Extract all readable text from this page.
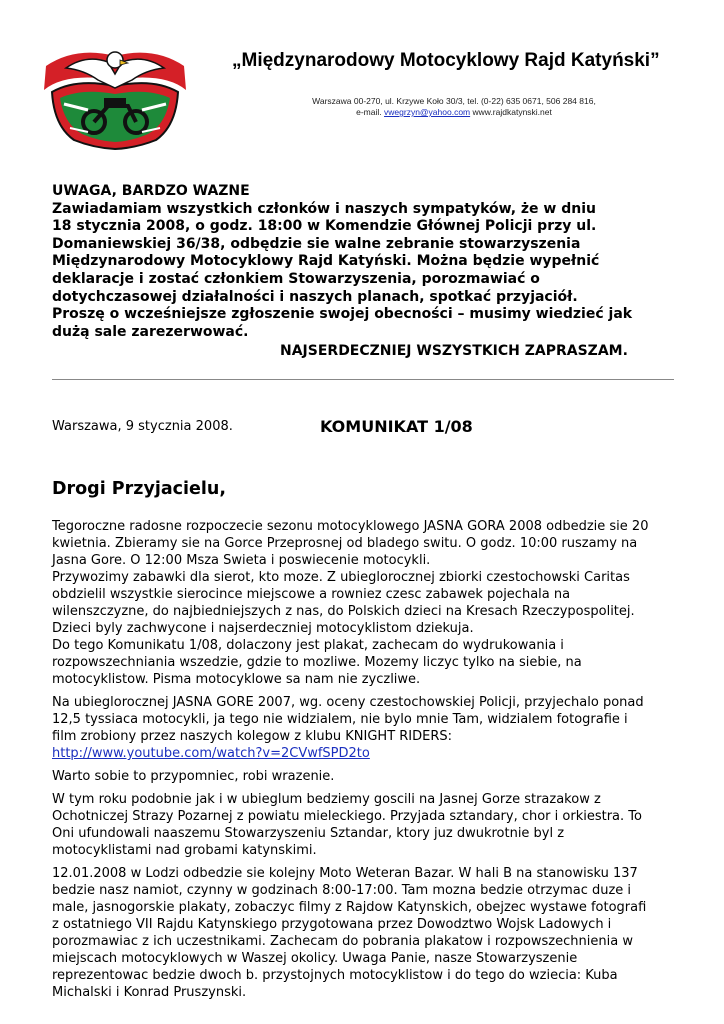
„Międzynarodowy Motocyklowy Rajd Katyński”
Warszawa 00-270, ul. Krzywe Koło 30/3, tel. (0-22) 635 0671, 506 284 816,
e-mail. vwegrzyn@yahoo.com www.rajdkatynski.net

UWAGA, BARDZO WAZNE

Zawiadamiam wszystkich członków i naszych sympatyków, że w dniu

18 stycznia 2008, o godz. 18:00 w Komendzie Głównej Policji przy ul.

Domaniewskiej 36/38, odbędzie sie walne zebranie stowarzyszenia

Międzynarodowy Motocyklowy Rajd Katyński. Można będzie wypełnić

deklaracje i zostać członkiem Stowarzyszenia, porozmawiać o

dotychczasowej działalności i naszych planach, spotkać przyjaciół.

Proszę o wcześniejsze zgłoszenie swojej obecności – musimy wiedzieć jak

dużą sale zarezerwować.

NAJSERDECZNIEJ WSZYSTKICH ZAPRASZAM.

Warszawa, 9 stycznia 2008.	KOMUNIKAT 1/08
Drogi Przyjacielu,

Tegoroczne radosne rozpoczecie sezonu motocyklowego JASNA GORA 2008 odbedzie sie 20
kwietnia. Zbieramy sie na Gorce Przeprosnej od bladego switu. O godz. 10:00 ruszamy na
Jasna Gore. O 12:00 Msza Swieta i poswiecenie motocykli.
Przywozimy zabawki dla sierot, kto moze. Z ubieglorocznej zbiorki czestochowski Caritas
obdzielil wszystkie sierocince miejscowe a rowniez czesc zabawek pojechala na
wilenszczyzne, do najbiedniejszych z nas, do Polskich dzieci na Kresach Rzeczypospolitej.
Dzieci byly zachwycone i najserdeczniej motocyklistom dziekuja.
Do tego Komunikatu 1/08, dolaczony jest plakat, zachecam do wydrukowania i
rozpowszechniania wszedzie, gdzie to mozliwe. Mozemy liczyc tylko na siebie, na
motocyklistow. Pisma motocyklowe sa nam nie zyczliwe.

Na ubieglorocznej JASNA GORE 2007, wg. oceny czestochowskiej Policji, przyjechalo ponad
12,5 tyssiaca motocykli, ja tego nie widzialem, nie bylo mnie Tam, widzialem fotografie i
film zrobiony przez naszych kolegow z klubu KNIGHT RIDERS:
http://www.youtube.com/watch?v=2CVwfSPD2to

Warto sobie to przypomniec, robi wrazenie.

W tym roku podobnie jak i w ubieglum bedziemy goscili na Jasnej Gorze strazakow z
Ochotniczej Strazy Pozarnej z powiatu mieleckiego. Przyjada sztandary, chor i orkiestra. To
Oni ufundowali naaszemu Stowarzyszeniu Sztandar, ktory juz dwukrotnie byl z
motocyklistami nad grobami katynskimi.

12.01.2008 w Lodzi odbedzie sie kolejny Moto Weteran Bazar. W hali B na stanowisku 137
bedzie nasz namiot, czynny w godzinach 8:00-17:00. Tam mozna bedzie otrzymac duze i
male, jasnogorskie plakaty, zobaczyc filmy z Rajdow Katynskich, obejzec wystawe fotografi
z ostatniego VII Rajdu Katynskiego przygotowana przez Dowodztwo Wojsk Ladowych i
porozmawiac z ich uczestnikami. Zachecam do pobrania plakatow i rozpowszechnienia w
miejscach motocyklowych w Waszej okolicy. Uwaga Panie, nasze Stowarzyszenie
reprezentowac bedzie dwoch b. przystojnych motocyklistow i do tego do wziecia: Kuba
Michalski i Konrad Pruszynski.
